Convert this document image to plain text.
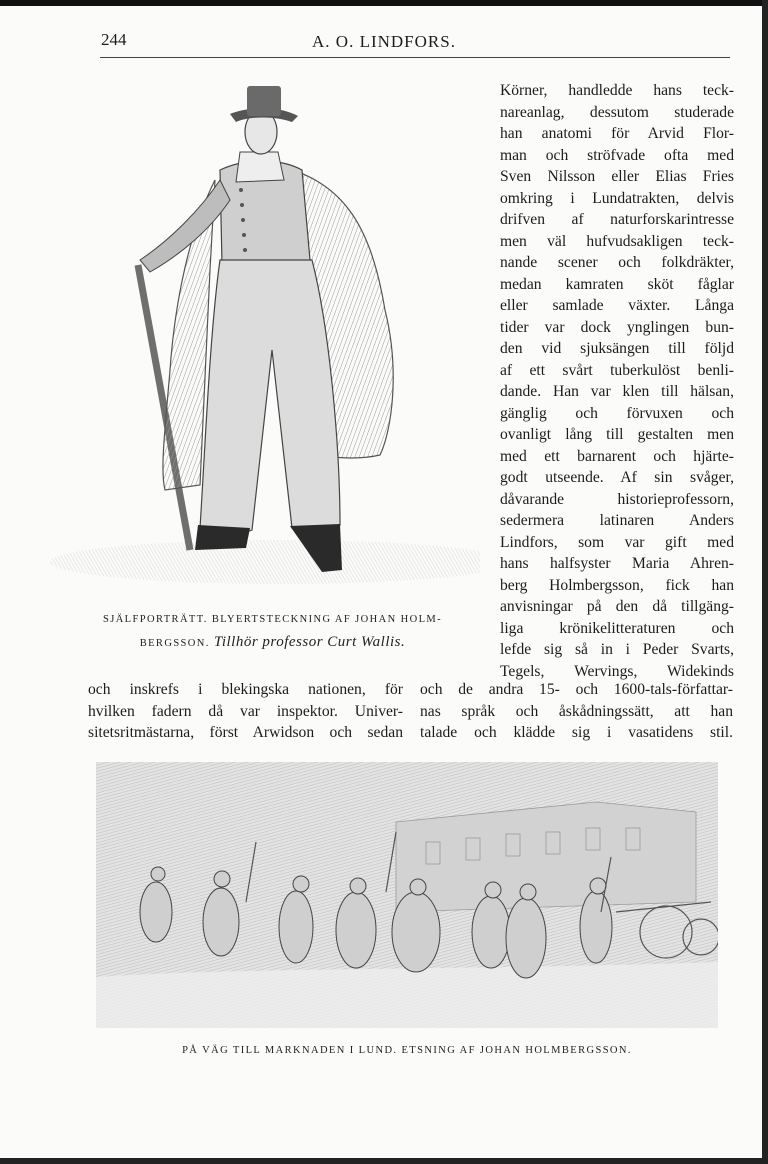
244	A. O. LINDFORS.

SJÄLFPORTRÄTT. BLYERTSTECKNING AF JOHAN HOLM-
BERGSSON. Tillhör professor Curt Wallis.

Körner, handledde hans teck-
nareanlag, dessutom studerade
han anatomi för Arvid Flor-
man och ströfvade ofta med
Sven Nilsson eller Elias Fries
omkring i Lundatrakten, delvis
drifven af naturforskarintresse
men väl hufvudsakligen teck-
nande scener och folkdräkter,
medan kamraten sköt fåglar
eller samlade växter. Långa
tider var dock ynglingen bun-
den vid sjuksängen till följd
af ett svårt tuberkulöst benli-
dande. Han var klen till hälsan,
gänglig och förvuxen och
ovanligt lång till gestalten men
med ett barnarent och hjärte-
godt utseende. Af sin svåger,
dåvarande historieprofessorn,
sedermera latinaren Anders
Lindfors, som var gift med
hans halfsyster Maria Ahren-
berg Holmbergsson, fick han
anvisningar på den då tillgäng-
liga krönikelitteraturen och
lefde sig så in i Peder Svarts,
Tegels, Wervings, Widekinds
och inskrefs i blekingska nationen, för
hvilken fadern då var inspektor. Univer-
sitetsritmästarna, först Arwidson och sedan
och de andra 15- och 1600-tals-författar-
nas språk och åskådningssätt, att han
talade och klädde sig i vasatidens stil.

PÅ VÄG TILL MARKNADEN I LUND. ETSNING AF JOHAN HOLMBERGSSON.
